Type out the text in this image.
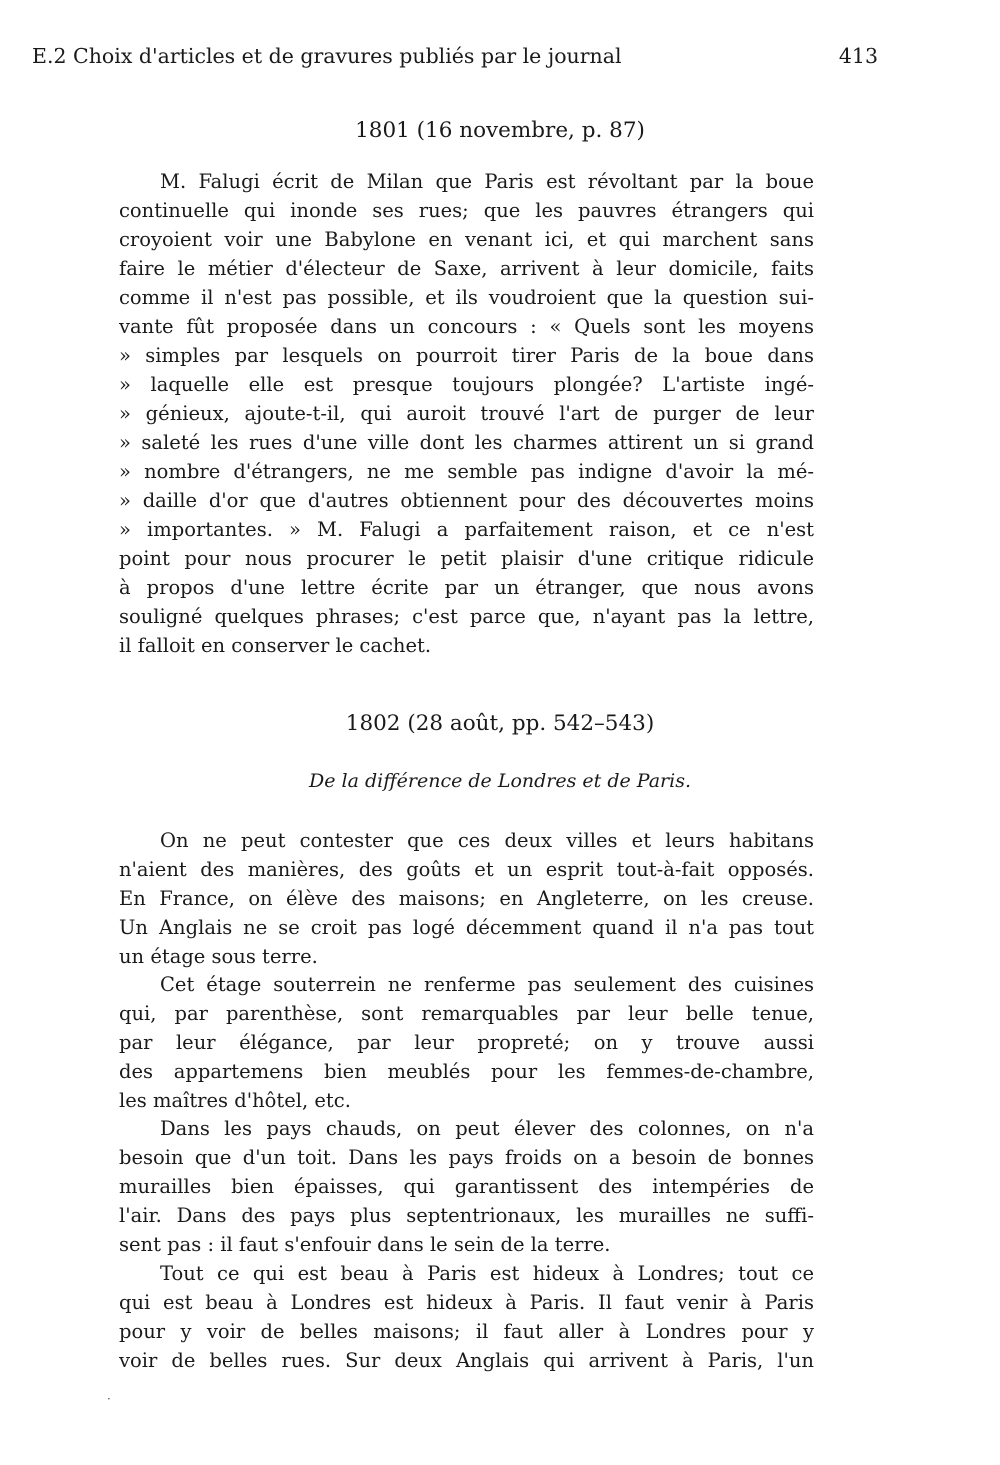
E.2 Choix d'articles et de gravures publiés par le journal	413
1801 (16 novembre, p. 87)
M. Falugi écrit de Milan que Paris est révoltant par la boue
continuelle qui inonde ses rues; que les pauvres étrangers qui
croyoient voir une Babylone en venant ici, et qui marchent sans
faire le métier d'électeur de Saxe, arrivent à leur domicile, faits
comme il n'est pas possible, et ils voudroient que la question sui-
vante fût proposée dans un concours : « Quels sont les moyens
» simples par lesquels on pourroit tirer Paris de la boue dans
» laquelle elle est presque toujours plongée? L'artiste ingé-
» génieux, ajoute-t-il, qui auroit trouvé l'art de purger de leur
» saleté les rues d'une ville dont les charmes attirent un si grand
» nombre d'étrangers, ne me semble pas indigne d'avoir la mé-
» daille d'or que d'autres obtiennent pour des découvertes moins
» importantes. » M. Falugi a parfaitement raison, et ce n'est
point pour nous procurer le petit plaisir d'une critique ridicule
à propos d'une lettre écrite par un étranger, que nous avons
souligné quelques phrases; c'est parce que, n'ayant pas la lettre,
il falloit en conserver le cachet.
1802 (28 août, pp. 542–543)
De la différence de Londres et de Paris.
On ne peut contester que ces deux villes et leurs habitans
n'aient des manières, des goûts et un esprit tout-à-fait opposés.
En France, on élève des maisons; en Angleterre, on les creuse.
Un Anglais ne se croit pas logé décemment quand il n'a pas tout
un étage sous terre.
Cet étage souterrein ne renferme pas seulement des cuisines
qui, par parenthèse, sont remarquables par leur belle tenue,
par leur élégance, par leur propreté; on y trouve aussi
des appartemens bien meublés pour les femmes-de-chambre,
les maîtres d'hôtel, etc.
Dans les pays chauds, on peut élever des colonnes, on n'a
besoin que d'un toit. Dans les pays froids on a besoin de bonnes
murailles bien épaisses, qui garantissent des intempéries de
l'air. Dans des pays plus septentrionaux, les murailles ne suffi-
sent pas : il faut s'enfouir dans le sein de la terre.
Tout ce qui est beau à Paris est hideux à Londres; tout ce
qui est beau à Londres est hideux à Paris. Il faut venir à Paris
pour y voir de belles maisons; il faut aller à Londres pour y
voir de belles rues. Sur deux Anglais qui arrivent à Paris, l'un
·
